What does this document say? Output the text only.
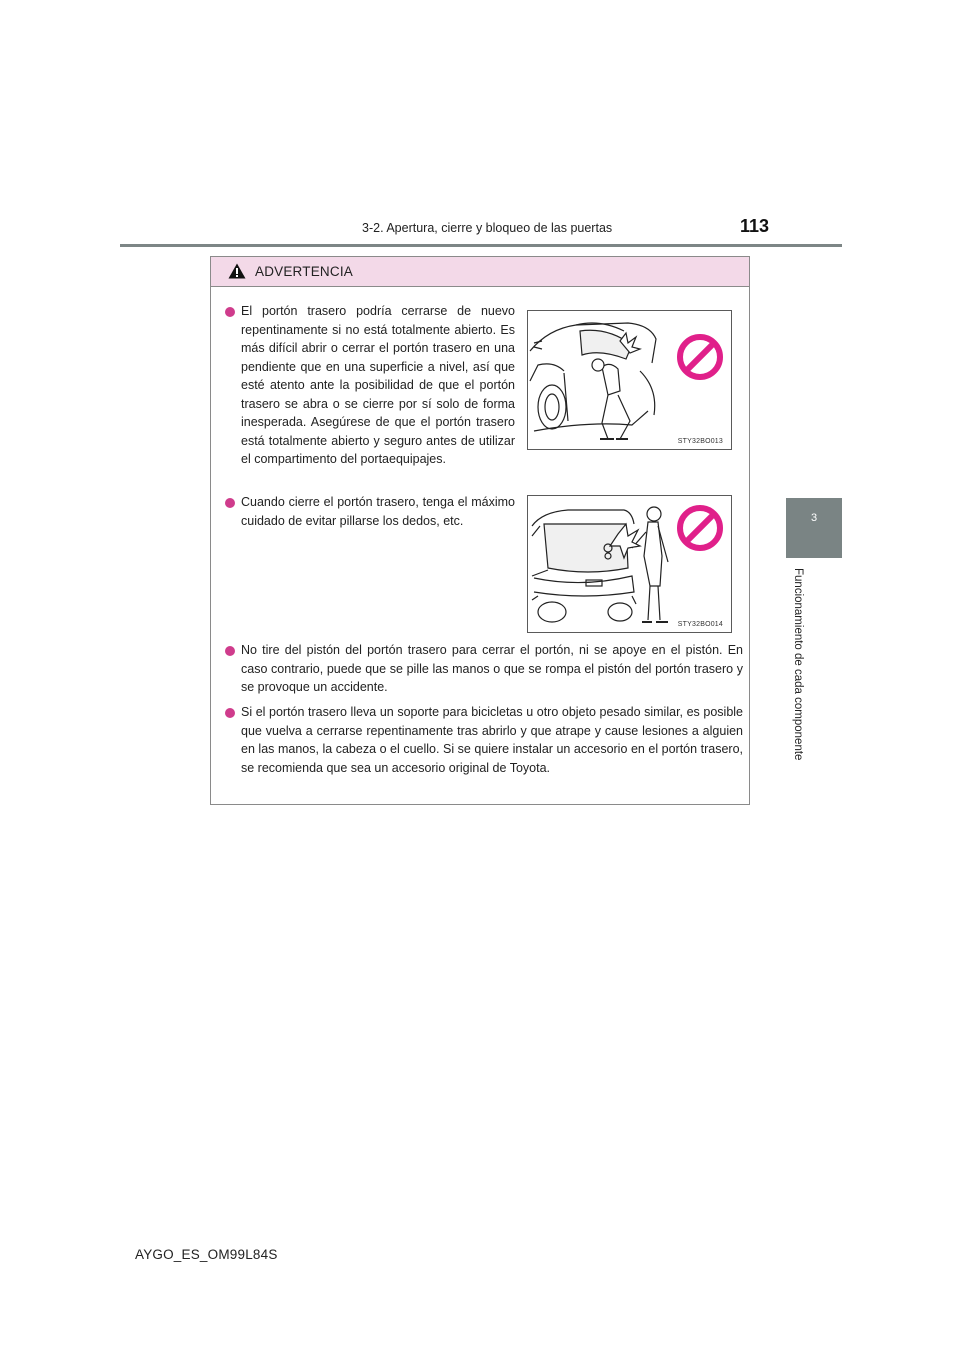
3-2. Apertura, cierre y bloqueo de las puertas	113
3
Funcionamiento de cada componente
ADVERTENCIA
El portón trasero podría cerrarse de nuevo repentinamente si no está totalmente abierto. Es más difícil abrir o cerrar el portón trasero en una pendiente que en una superficie a nivel, así que esté atento ante la posibilidad de que el portón trasero se abra o se cierre por sí solo de forma inesperada. Asegúrese de que el portón trasero está totalmente abierto y seguro antes de utilizar el compartimento del portaequipajes.
STY32BO013
Cuando cierre el portón trasero, tenga el máximo cuidado de evitar pillarse los dedos, etc.
STY32BO014
No tire del pistón del portón trasero para cerrar el portón, ni se apoye en el pistón. En caso contrario, puede que se pille las manos o que se rompa el pistón del portón trasero y se provoque un accidente.
Si el portón trasero lleva un soporte para bicicletas u otro objeto pesado similar, es posible que vuelva a cerrarse repentinamente tras abrirlo y que atrape y cause lesiones a alguien en las manos, la cabeza o el cuello. Si se quiere instalar un accesorio en el portón trasero, se recomienda que sea un accesorio original de Toyota.
AYGO_ES_OM99L84S
